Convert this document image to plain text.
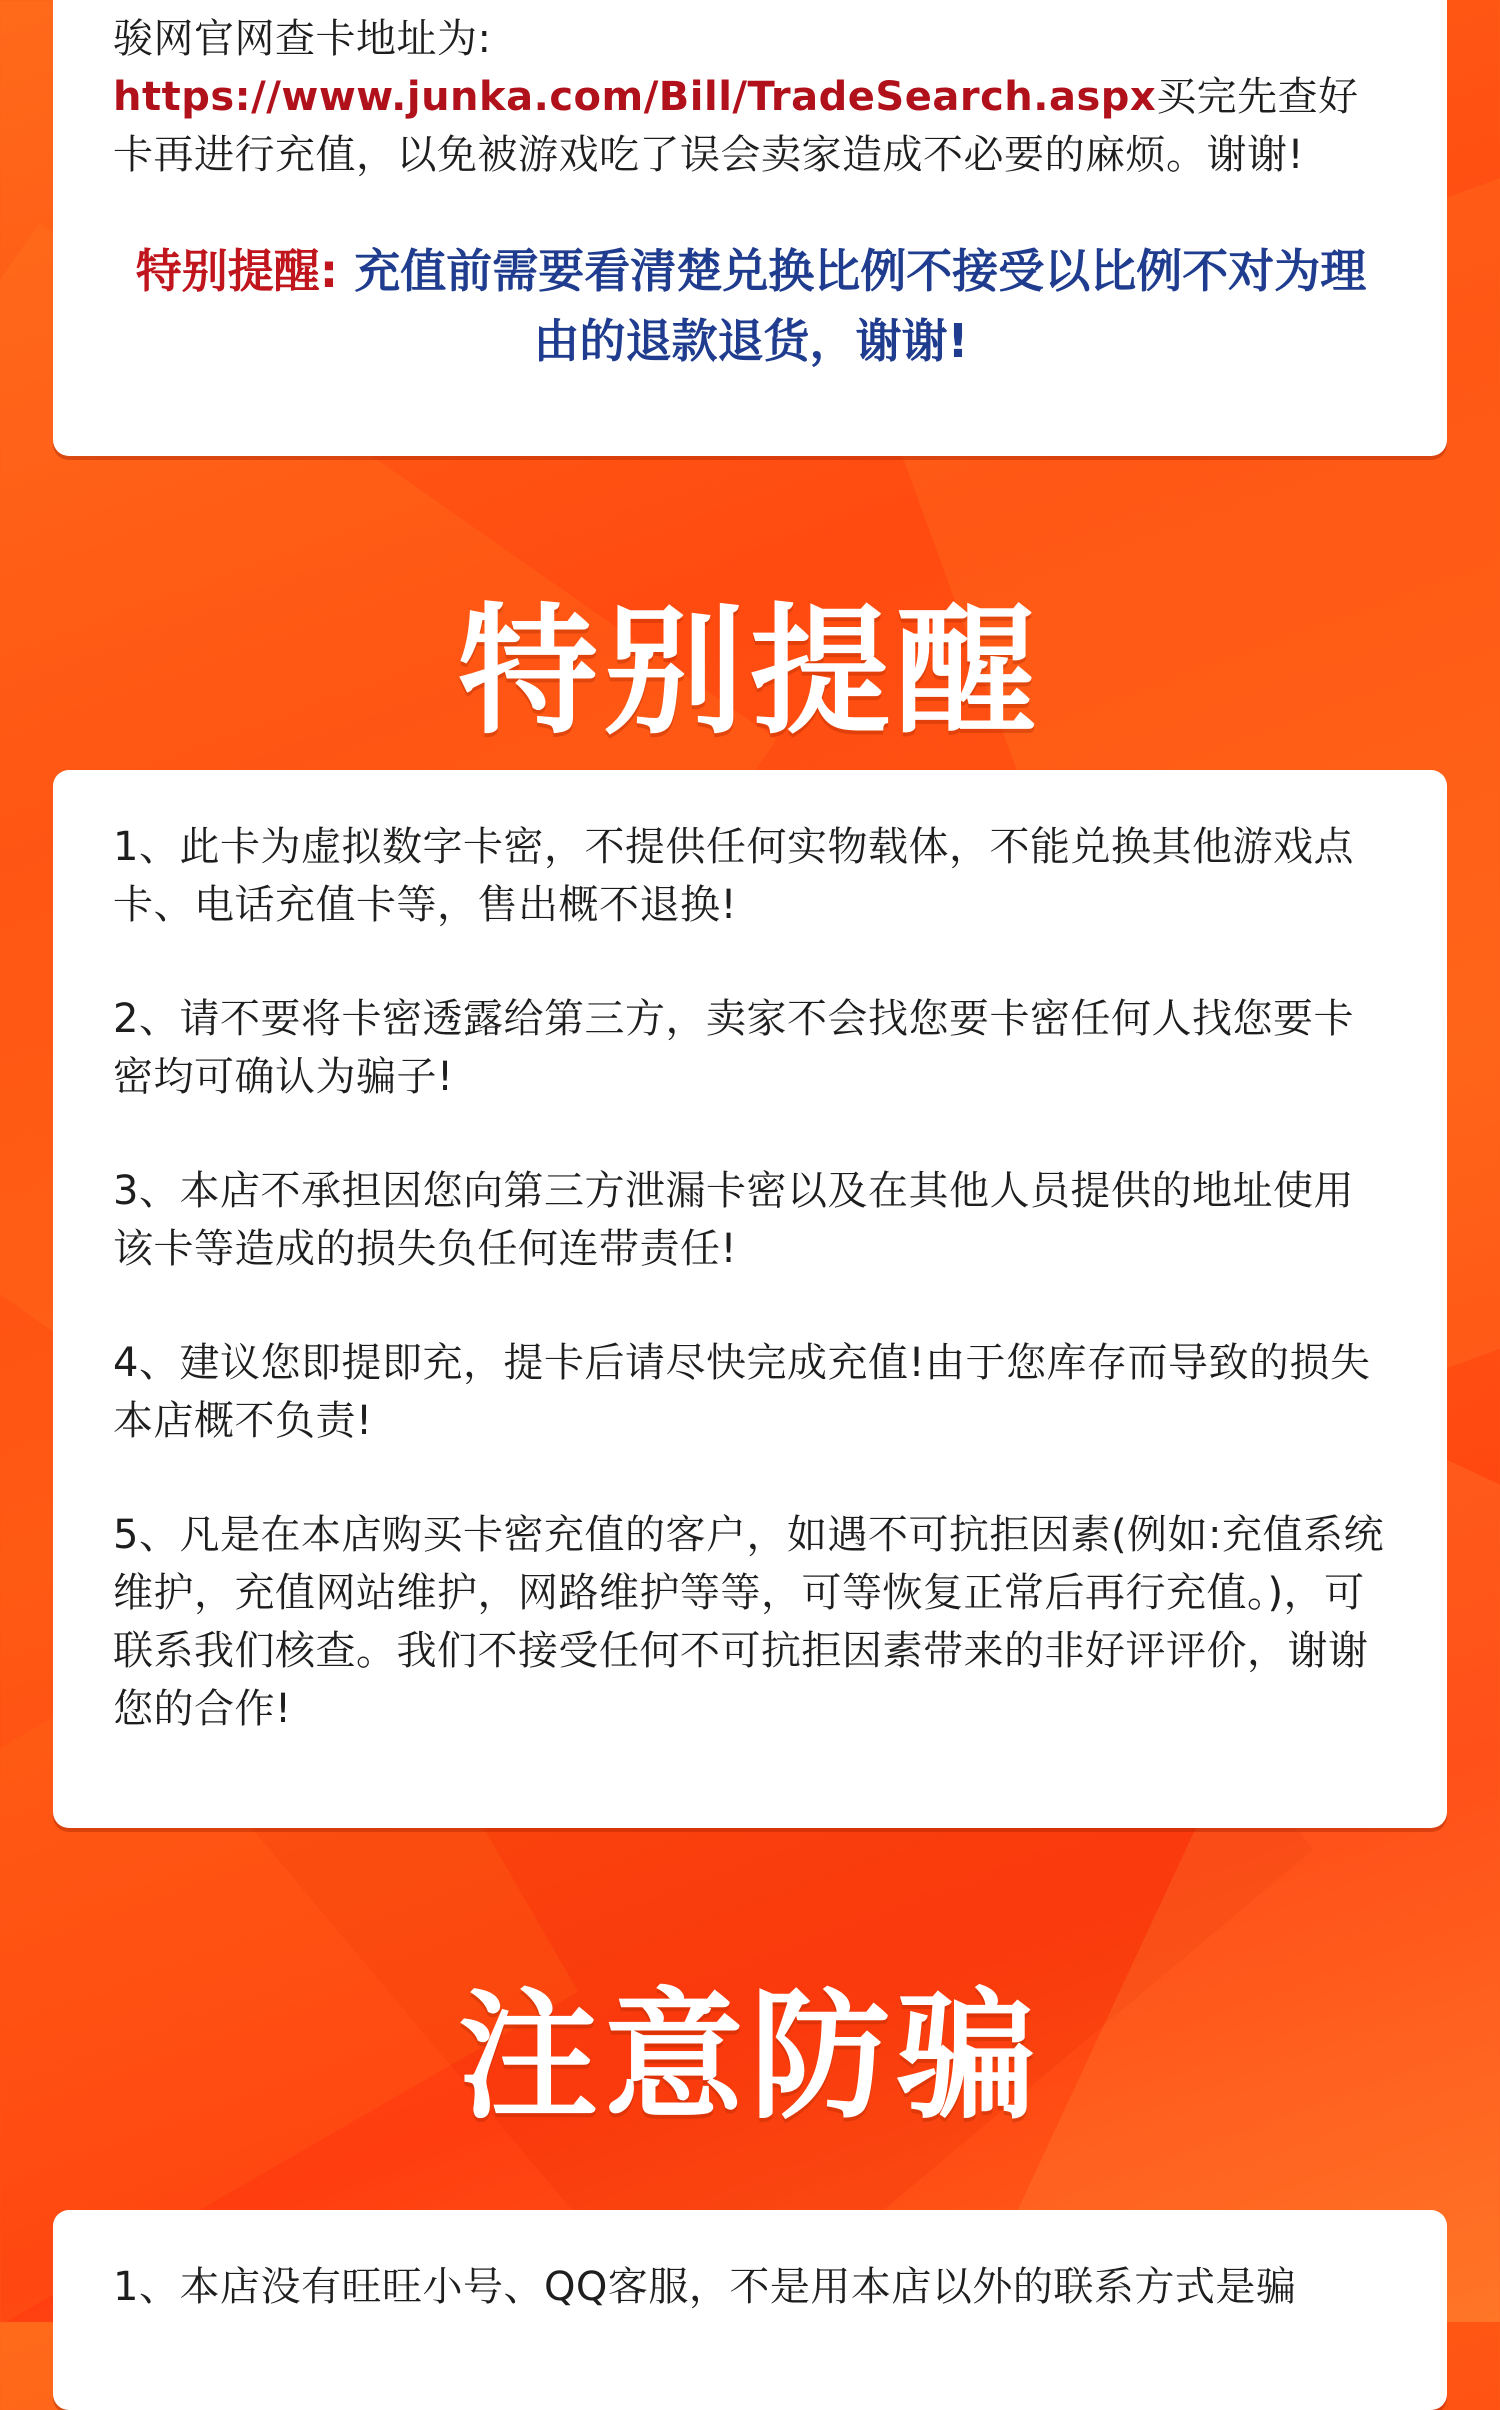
骏网官网查卡地址为:
https://www.junka.com/Bill/TradeSearch.aspx买完先查好卡再进行充值，以免被游戏吃了误会卖家造成不必要的麻烦。谢谢!

特别提醒: 充值前需要看清楚兑换比例不接受以比例不对为理由的退款退货，谢谢!
特别提醒

1、此卡为虚拟数字卡密，不提供任何实物载体，不能兑换其他游戏点卡、电话充值卡等，售出概不退换!

2、请不要将卡密透露给第三方，卖家不会找您要卡密任何人找您要卡密均可确认为骗子!

3、本店不承担因您向第三方泄漏卡密以及在其他人员提供的地址使用该卡等造成的损失负任何连带责任!

4、建议您即提即充，提卡后请尽快完成充值!由于您库存而导致的损失本店概不负责!

5、凡是在本店购买卡密充值的客户，如遇不可抗拒因素(例如:充值系统维护，充值网站维护，网路维护等等，可等恢复正常后再行充值。)，可联系我们核查。我们不接受任何不可抗拒因素带来的非好评评价，谢谢您的合作!

注意防骗

1、本店没有旺旺小号、QQ客服，不是用本店以外的联系方式是骗
